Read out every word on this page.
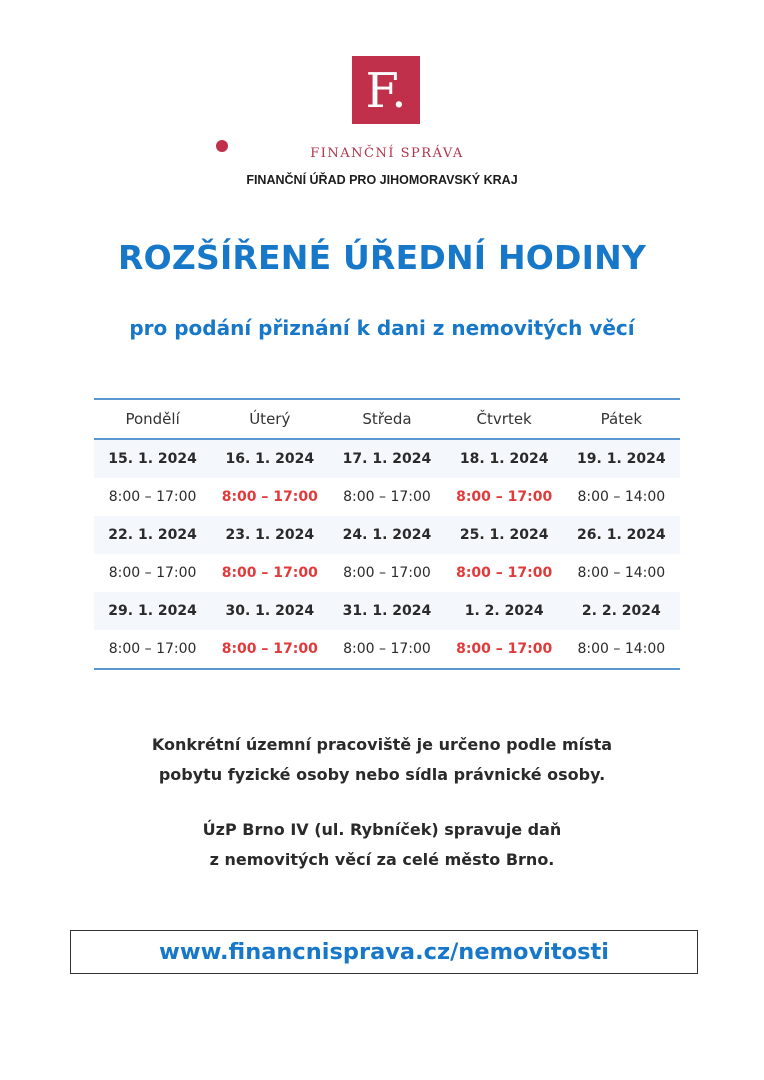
F.
FINANČNÍ SPRÁVA
FINANČNÍ ÚŘAD PRO JIHOMORAVSKÝ KRAJ
ROZŠÍŘENÉ ÚŘEDNÍ HODINY
pro podání přiznání k dani z nemovitých věcí
Pondělí	Úterý	Středa	Čtvrtek	Pátek
15. 1. 2024	16. 1. 2024	17. 1. 2024	18. 1. 2024	19. 1. 2024
8:00 – 17:00	8:00 – 17:00	8:00 – 17:00	8:00 – 17:00	8:00 – 14:00
22. 1. 2024	23. 1. 2024	24. 1. 2024	25. 1. 2024	26. 1. 2024
8:00 – 17:00	8:00 – 17:00	8:00 – 17:00	8:00 – 17:00	8:00 – 14:00
29. 1. 2024	30. 1. 2024	31. 1. 2024	1. 2. 2024	2. 2. 2024
8:00 – 17:00	8:00 – 17:00	8:00 – 17:00	8:00 – 17:00	8:00 – 14:00
Konkrétní územní pracoviště je určeno podle místa
pobytu fyzické osoby nebo sídla právnické osoby.
ÚzP Brno IV (ul. Rybníček) spravuje daň
z nemovitých věcí za celé město Brno.
www.financnisprava.cz/nemovitosti
